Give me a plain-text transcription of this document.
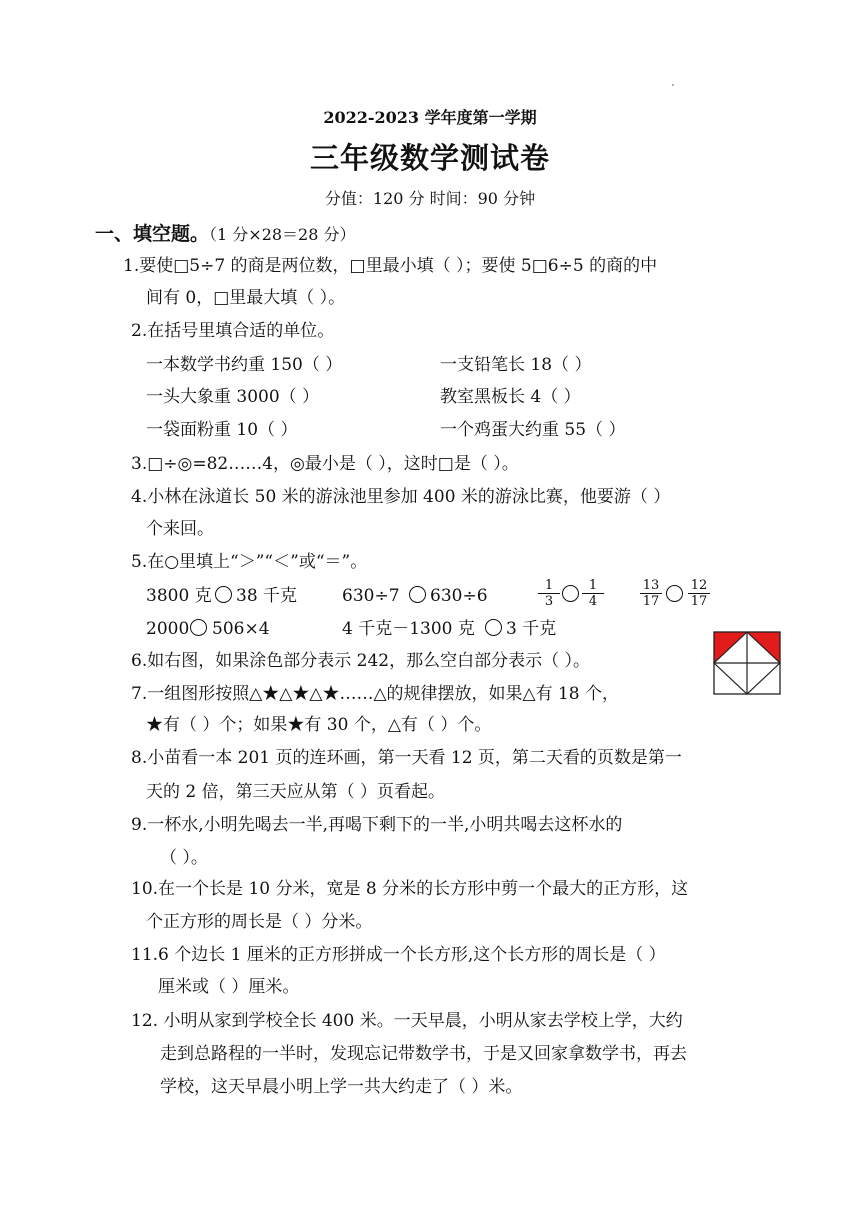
2022-2023 学年度第一学期
三年级数学测试卷
分值：120 分 时间：90 分钟
一、填空题。（1 分×28＝28 分）
1.要使□5÷7 的商是两位数，□里最小填（ ）；要使 5□6÷5 的商的中
间有 0，□里最大填（ ）。
2.在括号里填合适的单位。
一本数学书约重 150（ ）	一支铅笔长 18（ ）
一头大象重 3000（ ）	教室黑板长 4（ ）
一袋面粉重 10（ ）	一个鸡蛋大约重 55（ ）
3.□÷◎=82……4，◎最小是（ ），这时□是（ ）。
4.小林在泳道长 50 米的游泳池里参加 400 米的游泳比赛，他要游（ ）
个来回。
5.在○里填上“＞”“＜”或“＝”。
3800 克 38 千克	630÷7 630÷6	$\frac{1}{3} \frac{1}{4}$	$\frac{13}{17} \frac{12}{17}$
2000 506×4	4 千克－1300 克 3 千克
6.如右图，如果涂色部分表示 242，那么空白部分表示（ ）。
7.一组图形按照△★△★△★……△的规律摆放，如果△有 18 个，
★有（ ）个；如果★有 30 个，△有（ ）个。
8.小苗看一本 201 页的连环画，第一天看 12 页，第二天看的页数是第一
天的 2 倍，第三天应从第（ ）页看起。
9.一杯水,小明先喝去一半,再喝下剩下的一半,小明共喝去这杯水的
（ ）。
10.在一个长是 10 分米，宽是 8 分米的长方形中剪一个最大的正方形，这
个正方形的周长是（ ）分米。
11.6 个边长 1 厘米的正方形拼成一个长方形,这个长方形的周长是（ ）
厘米或（ ）厘米。
12. 小明从家到学校全长 400 米。一天早晨，小明从家去学校上学，大约
走到总路程的一半时，发现忘记带数学书，于是又回家拿数学书，再去
学校，这天早晨小明上学一共大约走了（ ）米。
